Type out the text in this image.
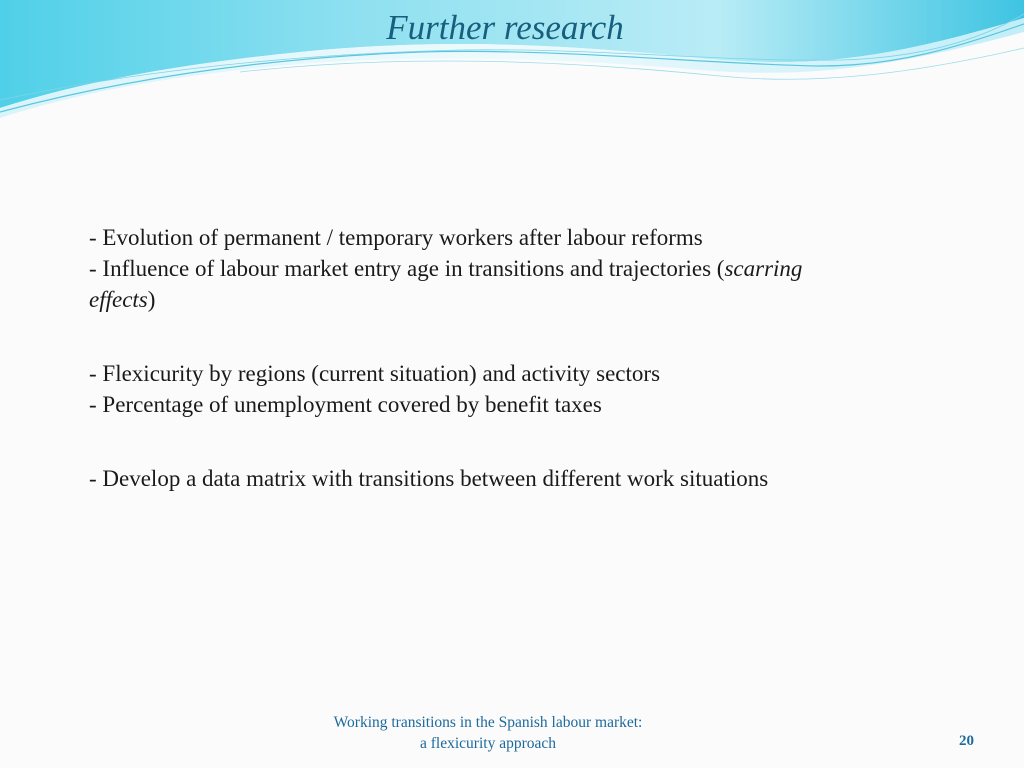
Further research

- Evolution of permanent / temporary workers after labour reforms
- Influence of labour market entry age in transitions and trajectories (scarring
effects)

- Flexicurity by regions (current situation) and activity sectors
- Percentage of unemployment covered by benefit taxes

- Develop a data matrix with transitions between different work situations

Working transitions in the Spanish labour market:
a flexicurity approach	20
